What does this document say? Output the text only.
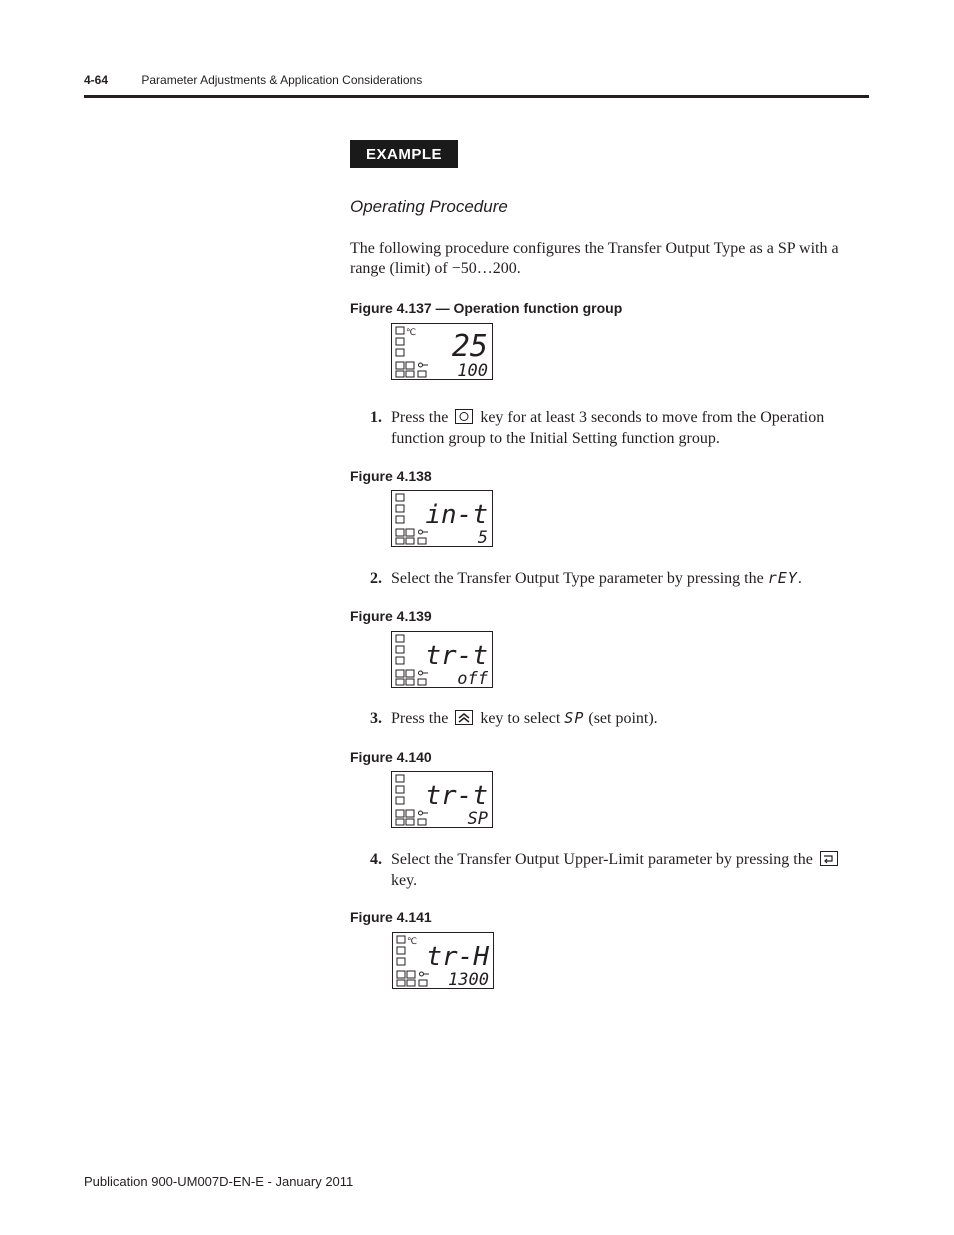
4-64	Parameter Adjustments & Application Considerations
EXAMPLE
Operating Procedure
The following procedure configures the Transfer Output Type as a SP with a range (limit) of −50…200.
Figure 4.137 — Operation function group
℃ 25
100
1. Press the key for at least 3 seconds to move from the Operation function group to the Initial Setting function group.
Figure 4.138
in-t
5
2. Select the Transfer Output Type parameter by pressing the rEY.
Figure 4.139
tr-t
off
3. Press the key to select SP (set point).
Figure 4.140
tr-t
SP
4. Select the Transfer Output Upper-Limit parameter by pressing the  key.
Figure 4.141
℃ tr-H
1300
Publication 900-UM007D-EN-E - January 2011
